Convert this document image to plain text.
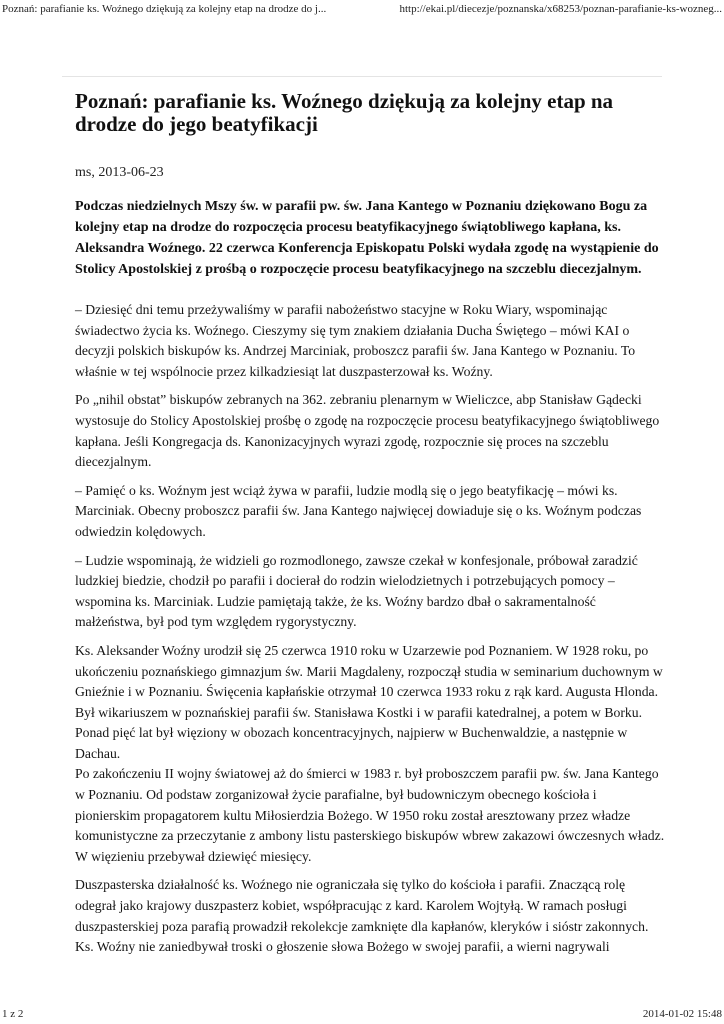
Poznań: parafianie ks. Woźnego dziękują za kolejny etap na drodze do j...	http://ekai.pl/diecezje/poznanska/x68253/poznan-parafianie-ks-wozneg...
Poznań: parafianie ks. Woźnego dziękują za kolejny etap na drodze do jego beatyfikacji
ms, 2013-06-23
Podczas niedzielnych Mszy św. w parafii pw. św. Jana Kantego w Poznaniu dziękowano Bogu za kolejny etap na drodze do rozpoczęcia procesu beatyfikacyjnego świątobliwego kapłana, ks. Aleksandra Woźnego. 22 czerwca Konferencja Episkopatu Polski wydała zgodę na wystąpienie do Stolicy Apostolskiej z prośbą o rozpoczęcie procesu beatyfikacyjnego na szczeblu diecezjalnym.

– Dziesięć dni temu przeżywaliśmy w parafii nabożeństwo stacyjne w Roku Wiary, wspominając świadectwo życia ks. Woźnego. Cieszymy się tym znakiem działania Ducha Świętego – mówi KAI o decyzji polskich biskupów ks. Andrzej Marciniak, proboszcz parafii św. Jana Kantego w Poznaniu. To właśnie w tej wspólnocie przez kilkadziesiąt lat duszpasterzował ks. Woźny.

Po „nihil obstat” biskupów zebranych na 362. zebraniu plenarnym w Wieliczce, abp Stanisław Gądecki wystosuje do Stolicy Apostolskiej prośbę o zgodę na rozpoczęcie procesu beatyfikacyjnego świątobliwego kapłana. Jeśli Kongregacja ds. Kanonizacyjnych wyrazi zgodę, rozpocznie się proces na szczeblu diecezjalnym.

– Pamięć o ks. Woźnym jest wciąż żywa w parafii, ludzie modlą się o jego beatyfikację – mówi ks. Marciniak. Obecny proboszcz parafii św. Jana Kantego najwięcej dowiaduje się o ks. Woźnym podczas odwiedzin kolędowych.

– Ludzie wspominają, że widzieli go rozmodlonego, zawsze czekał w konfesjonale, próbował zaradzić ludzkiej biedzie, chodził po parafii i docierał do rodzin wielodzietnych i potrzebujących pomocy – wspomina ks. Marciniak. Ludzie pamiętają także, że ks. Woźny bardzo dbał o sakramentalność małżeństwa, był pod tym względem rygorystyczny.

Ks. Aleksander Woźny urodził się 25 czerwca 1910 roku w Uzarzewie pod Poznaniem. W 1928 roku, po ukończeniu poznańskiego gimnazjum św. Marii Magdaleny, rozpoczął studia w seminarium duchownym w Gnieźnie i w Poznaniu. Święcenia kapłańskie otrzymał 10 czerwca 1933 roku z rąk kard. Augusta Hlonda.

Był wikariuszem w poznańskiej parafii św. Stanisława Kostki i w parafii katedralnej, a potem w Borku. Ponad pięć lat był więziony w obozach koncentracyjnych, najpierw w Buchenwaldzie, a następnie w Dachau.

Po zakończeniu II wojny światowej aż do śmierci w 1983 r. był proboszczem parafii pw. św. Jana Kantego w Poznaniu. Od podstaw zorganizował życie parafialne, był budowniczym obecnego kościoła i pionierskim propagatorem kultu Miłosierdzia Bożego. W 1950 roku został aresztowany przez władze komunistyczne za przeczytanie z ambony listu pasterskiego biskupów wbrew zakazowi ówczesnych władz. W więzieniu przebywał dziewięć miesięcy.

Duszpasterska działalność ks. Woźnego nie ograniczała się tylko do kościoła i parafii. Znaczącą rolę odegrał jako krajowy duszpasterz kobiet, współpracując z kard. Karolem Wojtyłą. W ramach posługi duszpasterskiej poza parafią prowadził rekolekcje zamknięte dla kapłanów, kleryków i sióstr zakonnych.

Ks. Woźny nie zaniedbywał troski o głoszenie słowa Bożego w swojej parafii, a wierni nagrywali

1 z 2	2014-01-02 15:48
